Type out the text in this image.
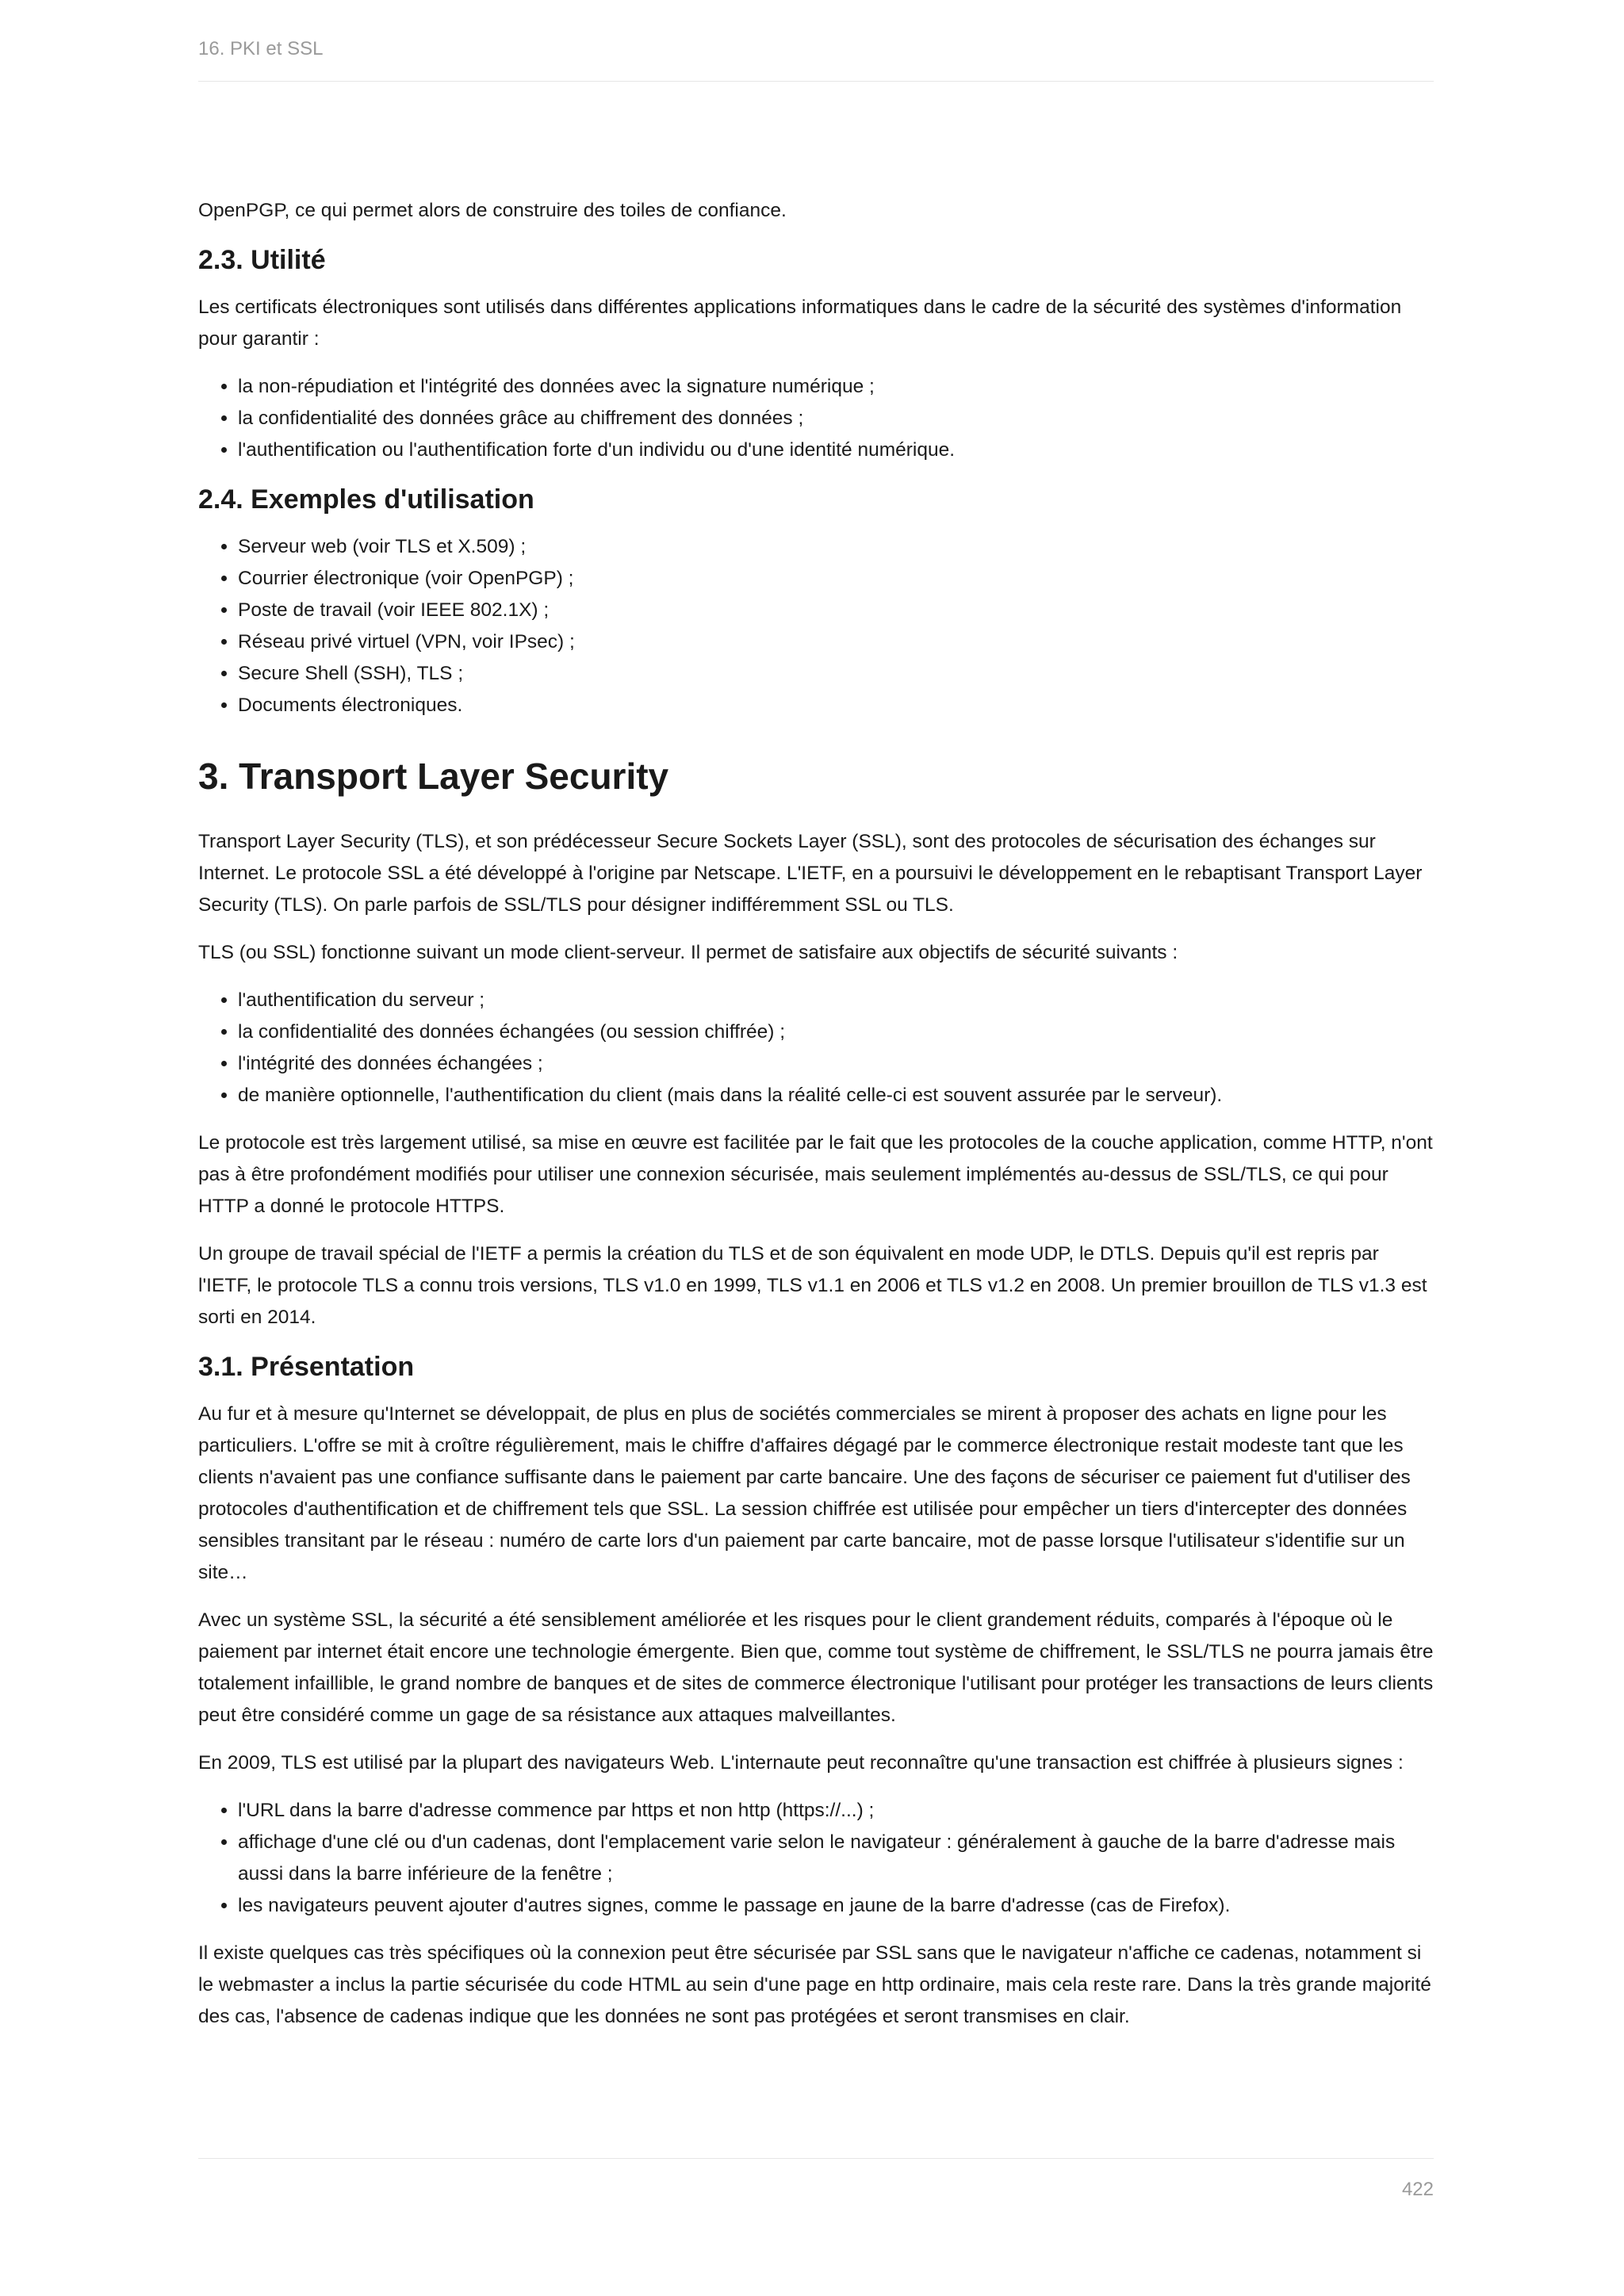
16. PKI et SSL

OpenPGP, ce qui permet alors de construire des toiles de confiance.

2.3. Utilité

Les certificats électroniques sont utilisés dans différentes applications informatiques dans le cadre de la sécurité des systèmes d'information pour garantir :

• la non-répudiation et l'intégrité des données avec la signature numérique ;
• la confidentialité des données grâce au chiffrement des données ;
• l'authentification ou l'authentification forte d'un individu ou d'une identité numérique.
2.4. Exemples d'utilisation
• Serveur web (voir TLS et X.509) ;
• Courrier électronique (voir OpenPGP) ;
• Poste de travail (voir IEEE 802.1X) ;
• Réseau privé virtuel (VPN, voir IPsec) ;
• Secure Shell (SSH), TLS ;
• Documents électroniques.
3. Transport Layer Security

Transport Layer Security (TLS), et son prédécesseur Secure Sockets Layer (SSL), sont des protocoles de sécurisation des échanges sur Internet. Le protocole SSL a été développé à l'origine par Netscape. L'IETF, en a poursuivi le développement en le rebaptisant Transport Layer Security (TLS). On parle parfois de SSL/TLS pour désigner indifféremment SSL ou TLS.

TLS (ou SSL) fonctionne suivant un mode client-serveur. Il permet de satisfaire aux objectifs de sécurité suivants :

• l'authentification du serveur ;
• la confidentialité des données échangées (ou session chiffrée) ;
• l'intégrité des données échangées ;
• de manière optionnelle, l'authentification du client (mais dans la réalité celle-ci est souvent assurée par le serveur).

Le protocole est très largement utilisé, sa mise en œuvre est facilitée par le fait que les protocoles de la couche application, comme HTTP, n'ont pas à être profondément modifiés pour utiliser une connexion sécurisée, mais seulement implémentés au-dessus de SSL/TLS, ce qui pour HTTP a donné le protocole HTTPS.

Un groupe de travail spécial de l'IETF a permis la création du TLS et de son équivalent en mode UDP, le DTLS. Depuis qu'il est repris par l'IETF, le protocole TLS a connu trois versions, TLS v1.0 en 1999, TLS v1.1 en 2006 et TLS v1.2 en 2008. Un premier brouillon de TLS v1.3 est sorti en 2014.

3.1. Présentation

Au fur et à mesure qu'Internet se développait, de plus en plus de sociétés commerciales se mirent à proposer des achats en ligne pour les particuliers. L'offre se mit à croître régulièrement, mais le chiffre d'affaires dégagé par le commerce électronique restait modeste tant que les clients n'avaient pas une confiance suffisante dans le paiement par carte bancaire. Une des façons de sécuriser ce paiement fut d'utiliser des protocoles d'authentification et de chiffrement tels que SSL. La session chiffrée est utilisée pour empêcher un tiers d'intercepter des données sensibles transitant par le réseau : numéro de carte lors d'un paiement par carte bancaire, mot de passe lorsque l'utilisateur s'identifie sur un site…

Avec un système SSL, la sécurité a été sensiblement améliorée et les risques pour le client grandement réduits, comparés à l'époque où le paiement par internet était encore une technologie émergente. Bien que, comme tout système de chiffrement, le SSL/TLS ne pourra jamais être totalement infaillible, le grand nombre de banques et de sites de commerce électronique l'utilisant pour protéger les transactions de leurs clients peut être considéré comme un gage de sa résistance aux attaques malveillantes.

En 2009, TLS est utilisé par la plupart des navigateurs Web. L'internaute peut reconnaître qu'une transaction est chiffrée à plusieurs signes :

• l'URL dans la barre d'adresse commence par https et non http (https://...) ;
• affichage d'une clé ou d'un cadenas, dont l'emplacement varie selon le navigateur : généralement à gauche de la barre d'adresse mais aussi dans la barre inférieure de la fenêtre ;
• les navigateurs peuvent ajouter d'autres signes, comme le passage en jaune de la barre d'adresse (cas de Firefox).

Il existe quelques cas très spécifiques où la connexion peut être sécurisée par SSL sans que le navigateur n'affiche ce cadenas, notamment si le webmaster a inclus la partie sécurisée du code HTML au sein d'une page en http ordinaire, mais cela reste rare. Dans la très grande majorité des cas, l'absence de cadenas indique que les données ne sont pas protégées et seront transmises en clair.

422
